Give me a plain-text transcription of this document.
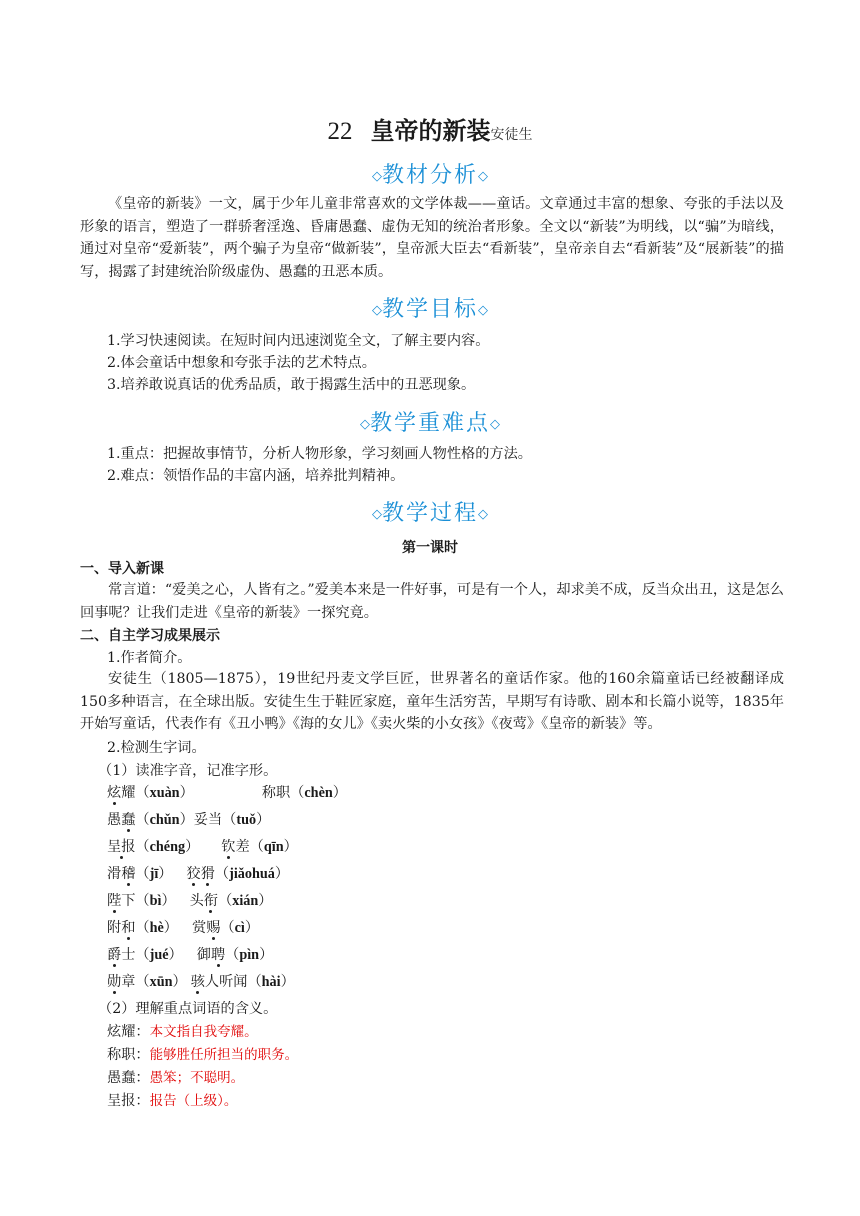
22 皇帝的新装安徒生
◇教材分析◇

《皇帝的新装》一文，属于少年儿童非常喜欢的文学体裁——童话。文章通过丰富的想象、夸张的手法以及形象的语言，塑造了一群骄奢淫逸、昏庸愚蠢、虚伪无知的统治者形象。全文以“新装”为明线，以“骗”为暗线，通过对皇帝“爱新装”，两个骗子为皇帝“做新装”，皇帝派大臣去“看新装”，皇帝亲自去“看新装”及“展新装”的描写，揭露了封建统治阶级虚伪、愚蠢的丑恶本质。

◇教学目标◇
1.学习快速阅读。在短时间内迅速浏览全文，了解主要内容。
2.体会童话中想象和夸张手法的艺术特点。
3.培养敢说真话的优秀品质，敢于揭露生活中的丑恶现象。
◇教学重难点◇
1.重点：把握故事情节，分析人物形象，学习刻画人物性格的方法。
2.难点：领悟作品的丰富内涵，培养批判精神。
◇教学过程◇
第一课时
一、导入新课

常言道：“爱美之心，人皆有之。”爱美本来是一件好事，可是有一个人，却求美不成，反当众出丑，这是怎么回事呢？让我们走进《皇帝的新装》一探究竟。

二、自主学习成果展示
1.作者简介。

安徒生（1805—1875），19世纪丹麦文学巨匠，世界著名的童话作家。他的160余篇童话已经被翻译成150多种语言，在全球出版。安徒生生于鞋匠家庭，童年生活穷苦，早期写有诗歌、剧本和长篇小说等，1835年开始写童话，代表作有《丑小鸭》《海的女儿》《卖火柴的小女孩》《夜莺》《皇帝的新装》等。

2.检测生字词。
（1）读准字音，记准字形。
炫耀（xuàn）	称职（chèn）
愚蠢（chǔn）妥当（tuǒ）
呈报（chéng） 钦差（qīn）
滑稽（jī） 狡猾（jiǎohuá）
陛下（bì） 头衔（xián）
附和（hè） 赏赐（cì）
爵士（jué） 御聘（pìn）
勋章（xūn） 骇人听闻（hài）
（2）理解重点词语的含义。
炫耀：本文指自我夸耀。
称职：能够胜任所担当的职务。
愚蠢：愚笨；不聪明。
呈报：报告（上级）。
